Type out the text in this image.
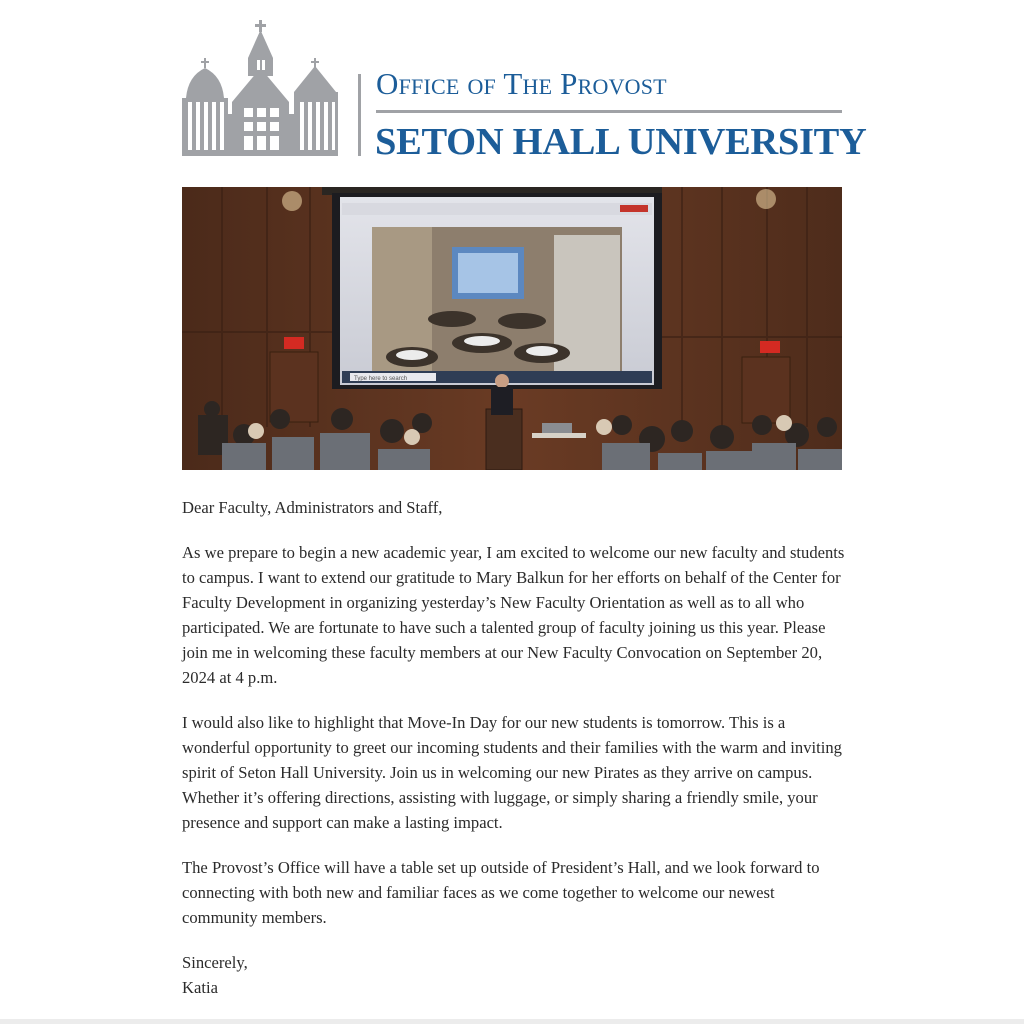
Office of The Provost
SETON HALL UNIVERSITY
Type here to search

Dear Faculty, Administrators and Staff,

As we prepare to begin a new academic year, I am excited to welcome our new faculty and students to campus. I want to extend our gratitude to Mary Balkun for her efforts on behalf of the Center for Faculty Development in organizing yesterday’s New Faculty Orientation as well as to all who participated. We are fortunate to have such a talented group of faculty joining us this year. Please join me in welcoming these faculty members at our New Faculty Convocation on September 20, 2024 at 4 p.m.

I would also like to highlight that Move-In Day for our new students is tomorrow. This is a wonderful opportunity to greet our incoming students and their families with the warm and inviting spirit of Seton Hall University. Join us in welcoming our new Pirates as they arrive on campus. Whether it’s offering directions, assisting with luggage, or simply sharing a friendly smile, your presence and support can make a lasting impact.

The Provost’s Office will have a table set up outside of President’s Hall, and we look forward to connecting with both new and familiar faces as we come together to welcome our newest community members.

Sincerely,

Katia
